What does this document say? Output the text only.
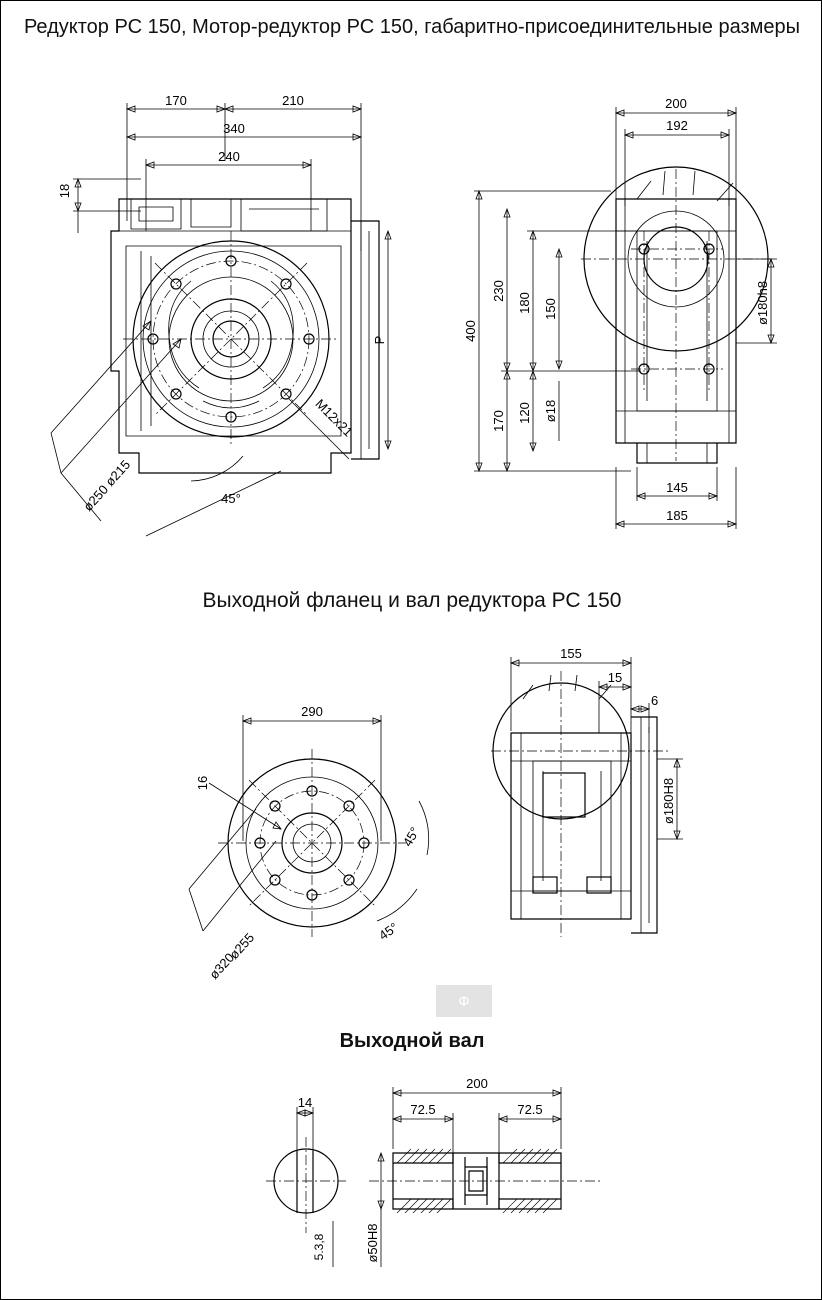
Редуктор РС 150, Мотор-редуктор РС 150, габаритно-присоединительные размеры
Выходной фланец и вал редуктора РС 150
Выходной вал
Ф
340
170	210
240
18
P
ø215
ø250	45°
M12x21
200
192
ø180h8
400
230
180 150
170 120 ø18
145
185
290
ø255
ø320
16
45°
45°
155
15
6
ø180H8
14
5.3,8
200
72.5	72.5
ø50H8
